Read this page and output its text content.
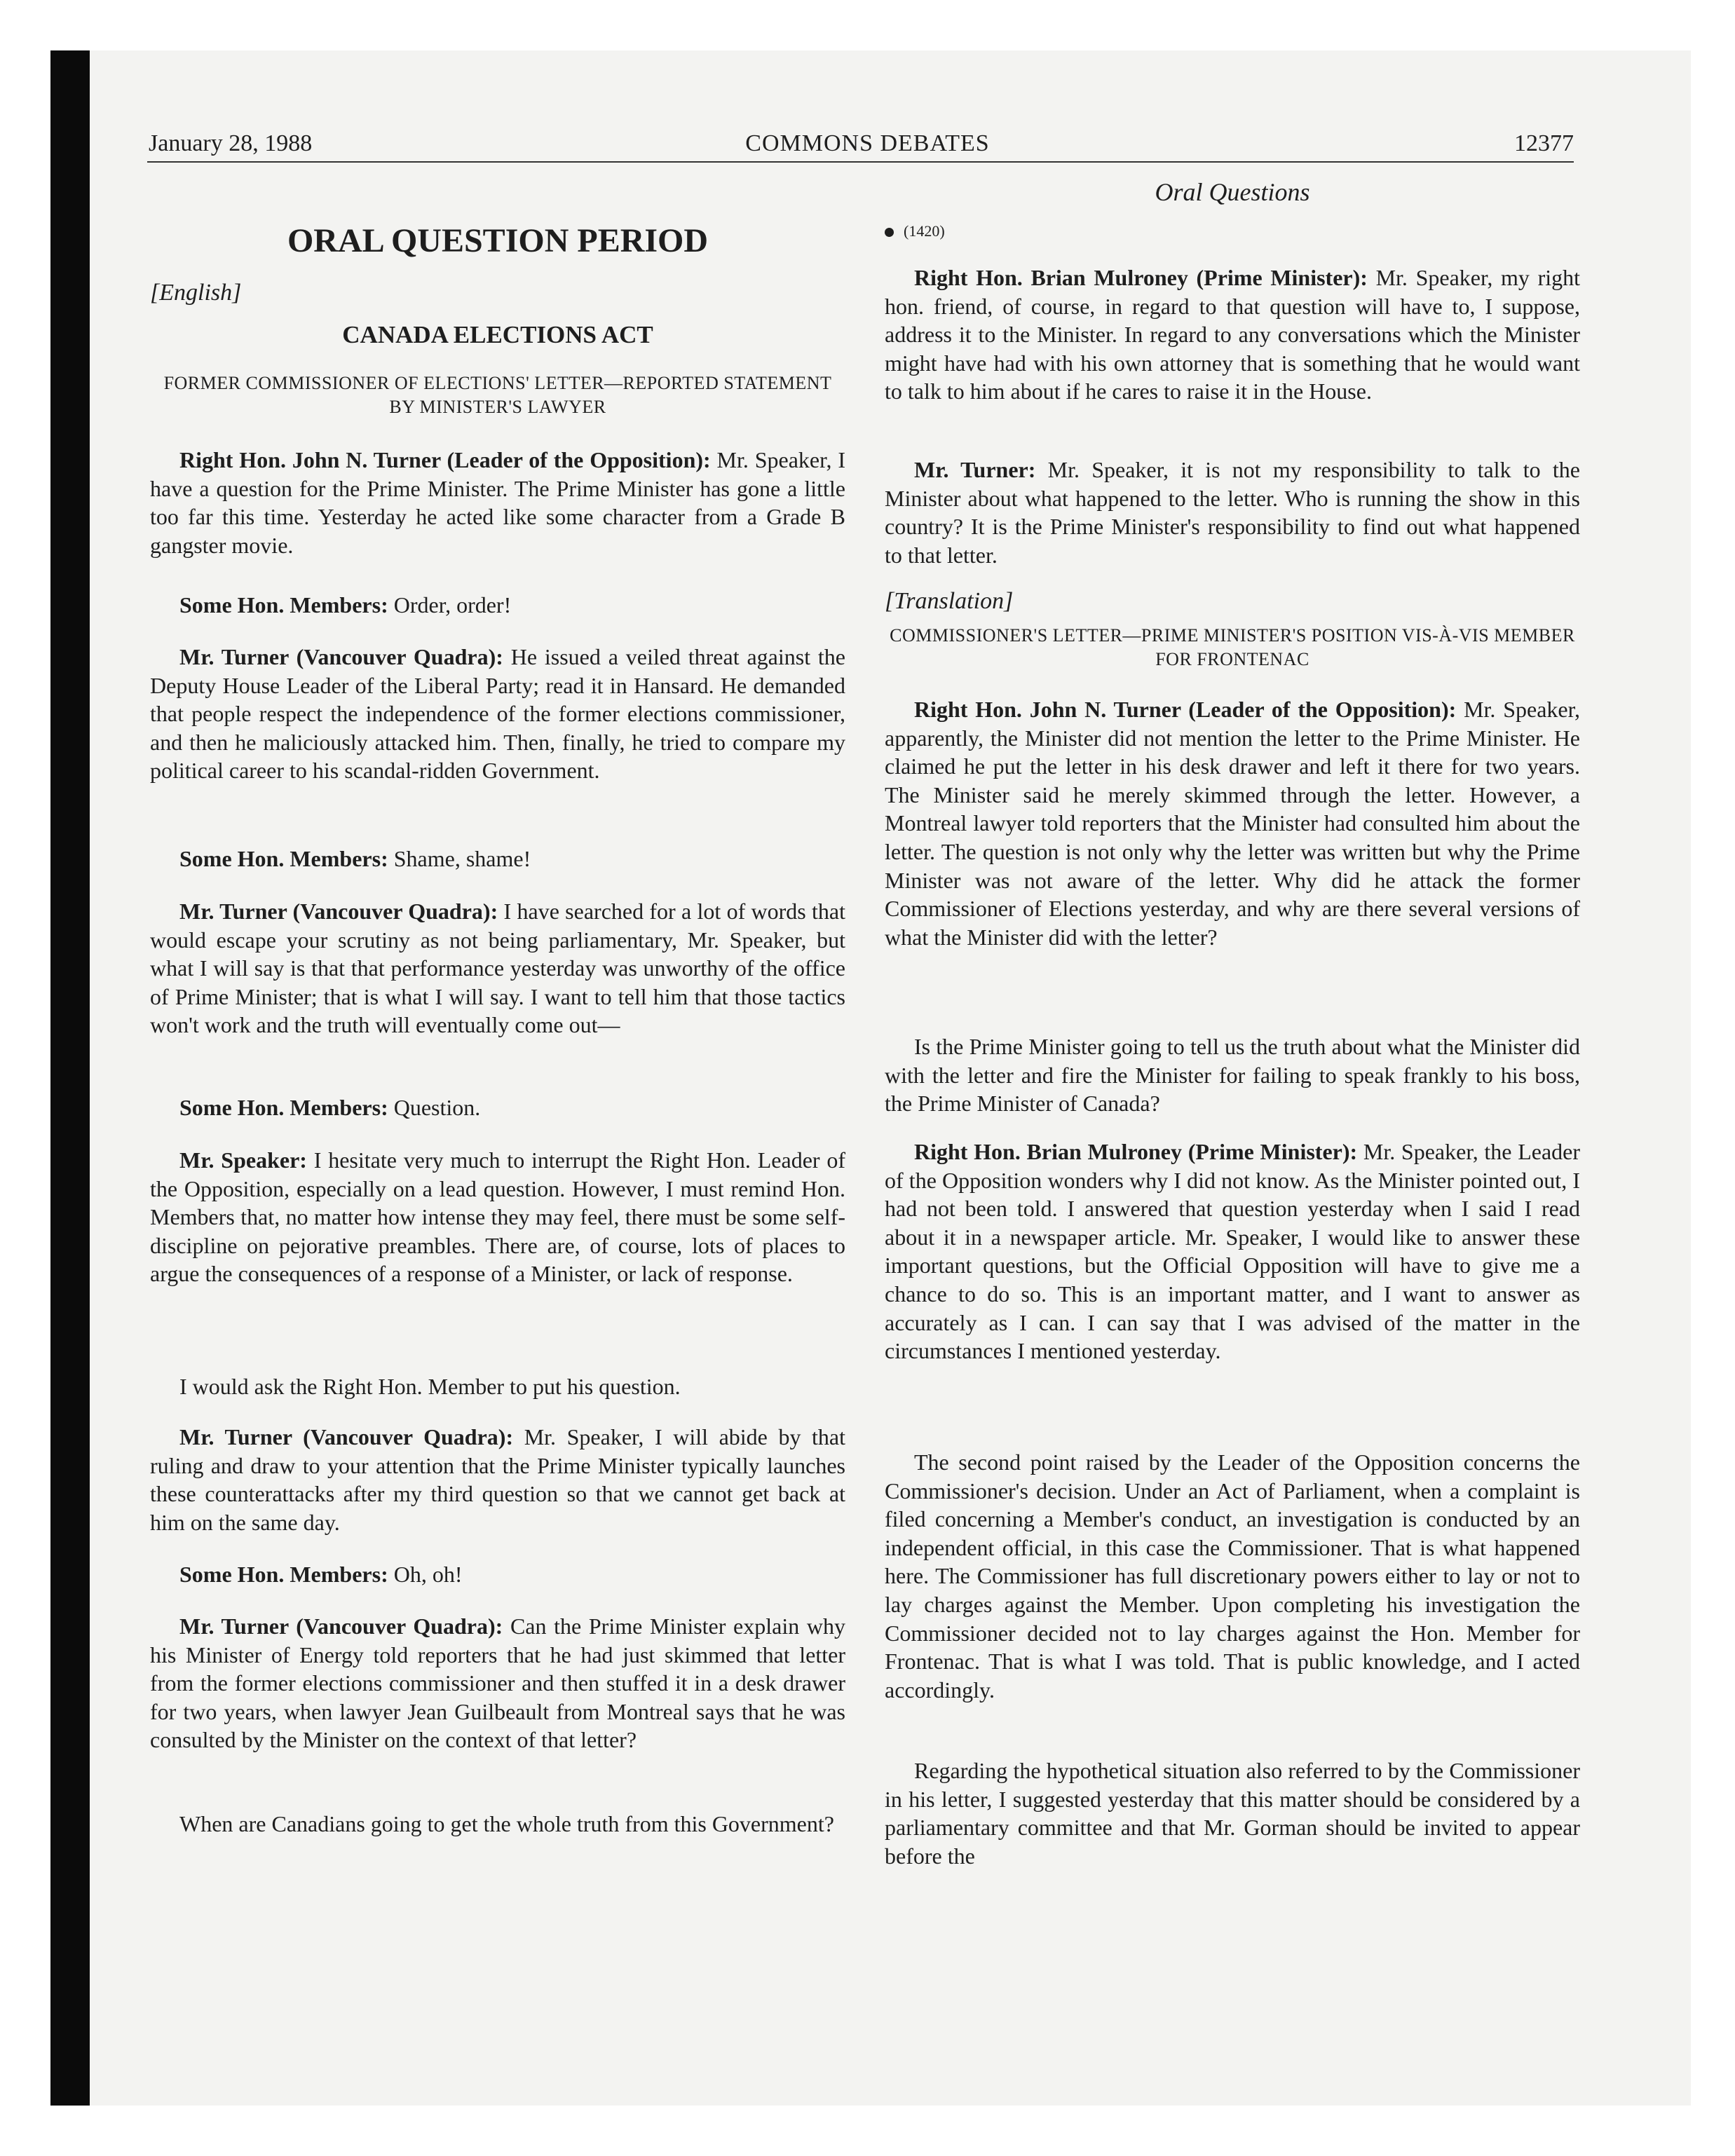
January 28, 1988	COMMONS DEBATES	12377
ORAL QUESTION PERIOD
[English]
CANADA ELECTIONS ACT
FORMER COMMISSIONER OF ELECTIONS' LETTER—REPORTED STATEMENT BY MINISTER'S LAWYER
Right Hon. John N. Turner (Leader of the Opposition): Mr. Speaker, I have a question for the Prime Minister. The Prime Minister has gone a little too far this time. Yesterday he acted like some character from a Grade B gangster movie.
Some Hon. Members: Order, order!
Mr. Turner (Vancouver Quadra): He issued a veiled threat against the Deputy House Leader of the Liberal Party; read it in Hansard. He demanded that people respect the independence of the former elections commissioner, and then he maliciously attacked him. Then, finally, he tried to compare my political career to his scandal-ridden Government.
Some Hon. Members: Shame, shame!
Mr. Turner (Vancouver Quadra): I have searched for a lot of words that would escape your scrutiny as not being parliamentary, Mr. Speaker, but what I will say is that that performance yesterday was unworthy of the office of Prime Minister; that is what I will say. I want to tell him that those tactics won't work and the truth will eventually come out—
Some Hon. Members: Question.
Mr. Speaker: I hesitate very much to interrupt the Right Hon. Leader of the Opposition, especially on a lead question. However, I must remind Hon. Members that, no matter how intense they may feel, there must be some self-discipline on pejorative preambles. There are, of course, lots of places to argue the consequences of a response of a Minister, or lack of response.
I would ask the Right Hon. Member to put his question.
Mr. Turner (Vancouver Quadra): Mr. Speaker, I will abide by that ruling and draw to your attention that the Prime Minister typically launches these counterattacks after my third question so that we cannot get back at him on the same day.
Some Hon. Members: Oh, oh!
Mr. Turner (Vancouver Quadra): Can the Prime Minister explain why his Minister of Energy told reporters that he had just skimmed that letter from the former elections commissioner and then stuffed it in a desk drawer for two years, when lawyer Jean Guilbeault from Montreal says that he was consulted by the Minister on the context of that letter?
When are Canadians going to get the whole truth from this Government?
Oral Questions
(1420)
Right Hon. Brian Mulroney (Prime Minister): Mr. Speaker, my right hon. friend, of course, in regard to that question will have to, I suppose, address it to the Minister. In regard to any conversations which the Minister might have had with his own attorney that is something that he would want to talk to him about if he cares to raise it in the House.
Mr. Turner: Mr. Speaker, it is not my responsibility to talk to the Minister about what happened to the letter. Who is running the show in this country? It is the Prime Minister's responsibility to find out what happened to that letter.
[Translation]
COMMISSIONER'S LETTER—PRIME MINISTER'S POSITION VIS-À-VIS MEMBER FOR FRONTENAC
Right Hon. John N. Turner (Leader of the Opposition): Mr. Speaker, apparently, the Minister did not mention the letter to the Prime Minister. He claimed he put the letter in his desk drawer and left it there for two years. The Minister said he merely skimmed through the letter. However, a Montreal lawyer told reporters that the Minister had consulted him about the letter. The question is not only why the letter was written but why the Prime Minister was not aware of the letter. Why did he attack the former Commissioner of Elections yesterday, and why are there several versions of what the Minister did with the letter?
Is the Prime Minister going to tell us the truth about what the Minister did with the letter and fire the Minister for failing to speak frankly to his boss, the Prime Minister of Canada?
Right Hon. Brian Mulroney (Prime Minister): Mr. Speaker, the Leader of the Opposition wonders why I did not know. As the Minister pointed out, I had not been told. I answered that question yesterday when I said I read about it in a newspaper article. Mr. Speaker, I would like to answer these important questions, but the Official Opposition will have to give me a chance to do so. This is an important matter, and I want to answer as accurately as I can. I can say that I was advised of the matter in the circumstances I mentioned yesterday.
The second point raised by the Leader of the Opposition concerns the Commissioner's decision. Under an Act of Parliament, when a complaint is filed concerning a Member's conduct, an investigation is conducted by an independent official, in this case the Commissioner. That is what happened here. The Commissioner has full discretionary powers either to lay or not to lay charges against the Member. Upon completing his investigation the Commissioner decided not to lay charges against the Hon. Member for Frontenac. That is what I was told. That is public knowledge, and I acted accordingly.
Regarding the hypothetical situation also referred to by the Commissioner in his letter, I suggested yesterday that this matter should be considered by a parliamentary committee and that Mr. Gorman should be invited to appear before the
